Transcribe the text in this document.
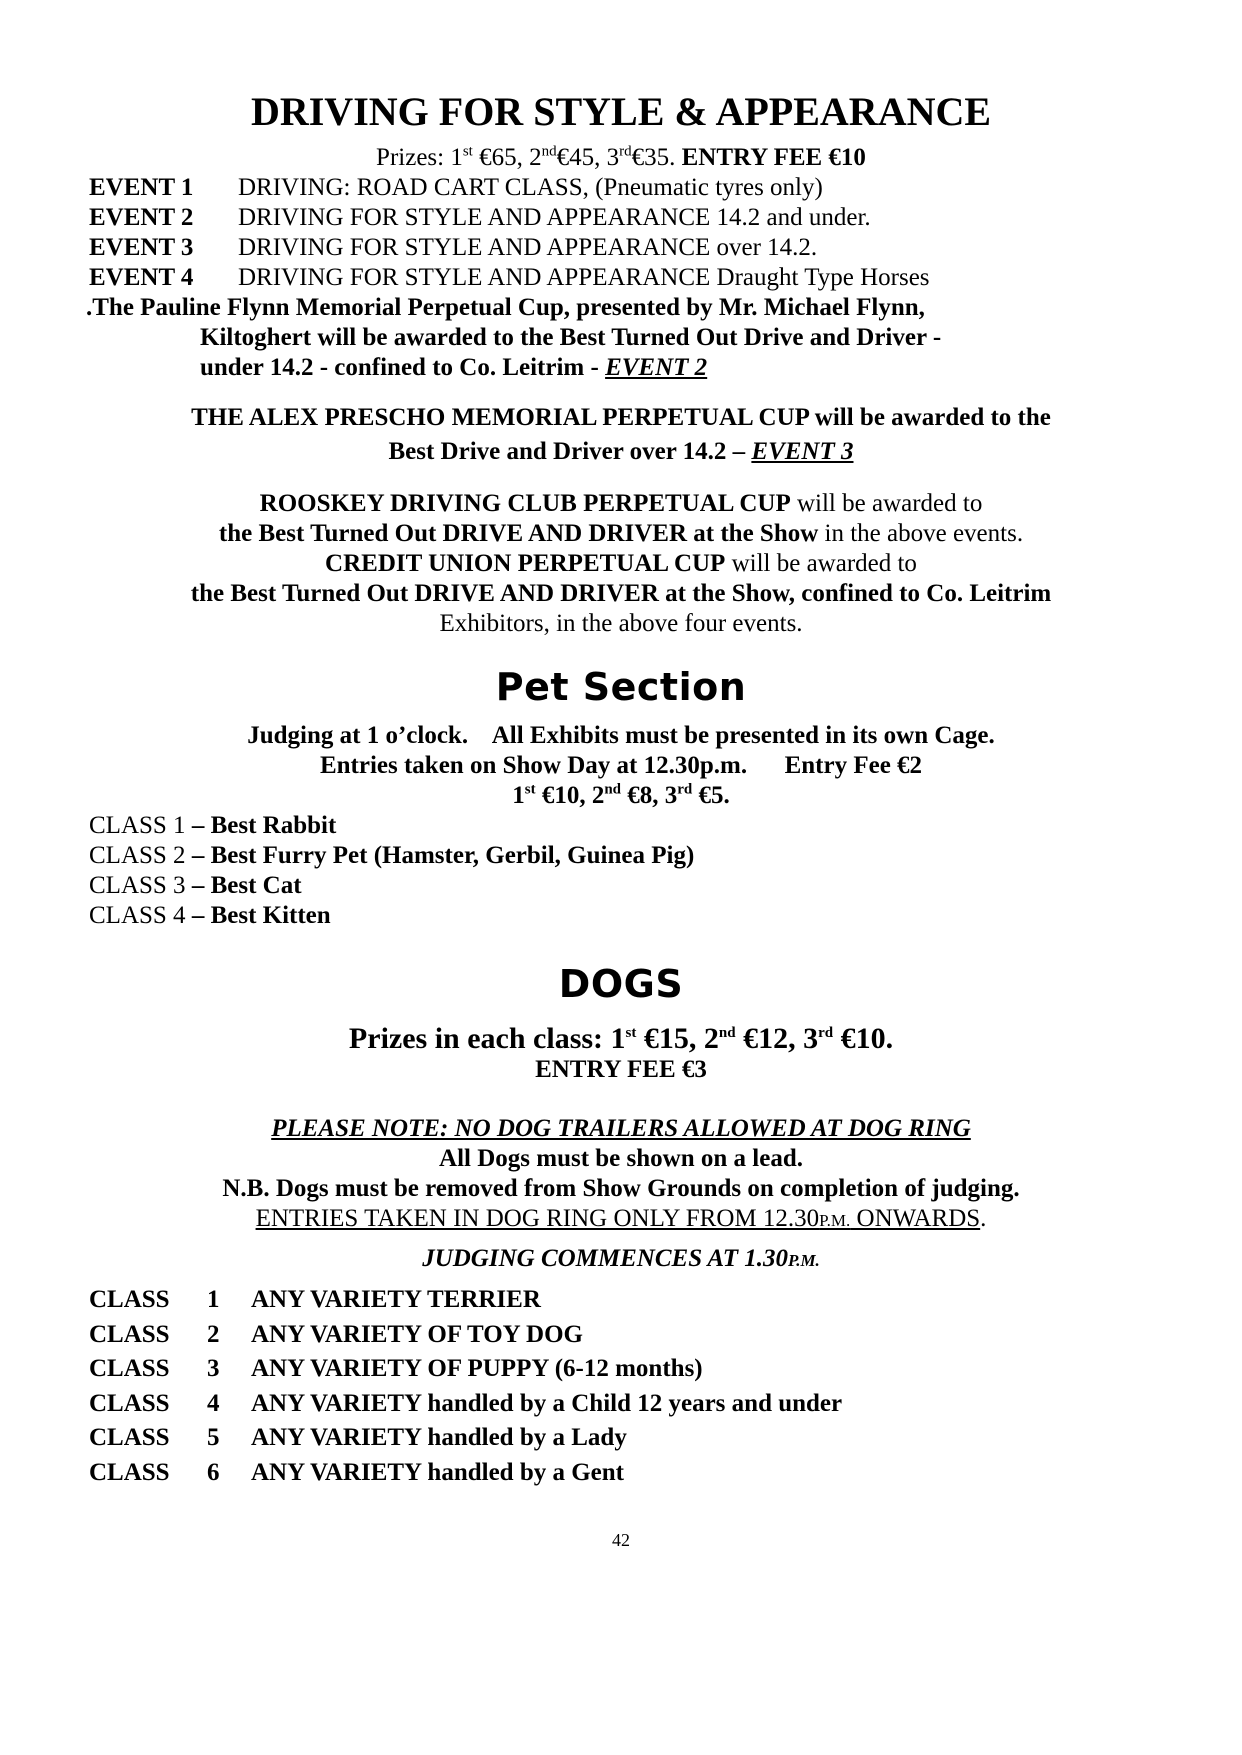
DRIVING FOR STYLE & APPEARANCE
Prizes: 1st €65, 2nd€45, 3rd€35. ENTRY FEE €10
EVENT 1 DRIVING: ROAD CART CLASS, (Pneumatic tyres only)
EVENT 2 DRIVING FOR STYLE AND APPEARANCE 14.2 and under.
EVENT 3 DRIVING FOR STYLE AND APPEARANCE over 14.2.
EVENT 4 DRIVING FOR STYLE AND APPEARANCE Draught Type Horses
.The Pauline Flynn Memorial Perpetual Cup, presented by Mr. Michael Flynn,
Kiltoghert will be awarded to the Best Turned Out Drive and Driver -
under 14.2 - confined to Co. Leitrim - EVENT 2
THE ALEX PRESCHO MEMORIAL PERPETUAL CUP will be awarded to the
Best Drive and Driver over 14.2 – EVENT 3
ROOSKEY DRIVING CLUB PERPETUAL CUP will be awarded to
the Best Turned Out DRIVE AND DRIVER at the Show in the above events.
CREDIT UNION PERPETUAL CUP will be awarded to
the Best Turned Out DRIVE AND DRIVER at the Show, confined to Co. Leitrim
Exhibitors, in the above four events.
Pet Section
Judging at 1 o’clock.    All Exhibits must be presented in its own Cage.
Entries taken on Show Day at 12.30p.m.      Entry Fee €2
1st €10, 2nd €8, 3rd €5.
CLASS 1 – Best Rabbit
CLASS 2 – Best Furry Pet (Hamster, Gerbil, Guinea Pig)
CLASS 3 – Best Cat
CLASS 4 – Best Kitten
DOGS
Prizes in each class: 1st €15, 2nd €12, 3rd €10.
ENTRY FEE €3
PLEASE NOTE: NO DOG TRAILERS ALLOWED AT DOG RING
All Dogs must be shown on a lead.
N.B. Dogs must be removed from Show Grounds on completion of judging.
ENTRIES TAKEN IN DOG RING ONLY FROM 12.30P.M. ONWARDS.
JUDGING COMMENCES AT 1.30P.M.
CLASS 1 ANY VARIETY TERRIER
CLASS 2 ANY VARIETY OF TOY DOG
CLASS 3 ANY VARIETY OF PUPPY (6-12 months)
CLASS 4 ANY VARIETY handled by a Child 12 years and under
CLASS 5 ANY VARIETY handled by a Lady
CLASS 6 ANY VARIETY handled by a Gent
42
